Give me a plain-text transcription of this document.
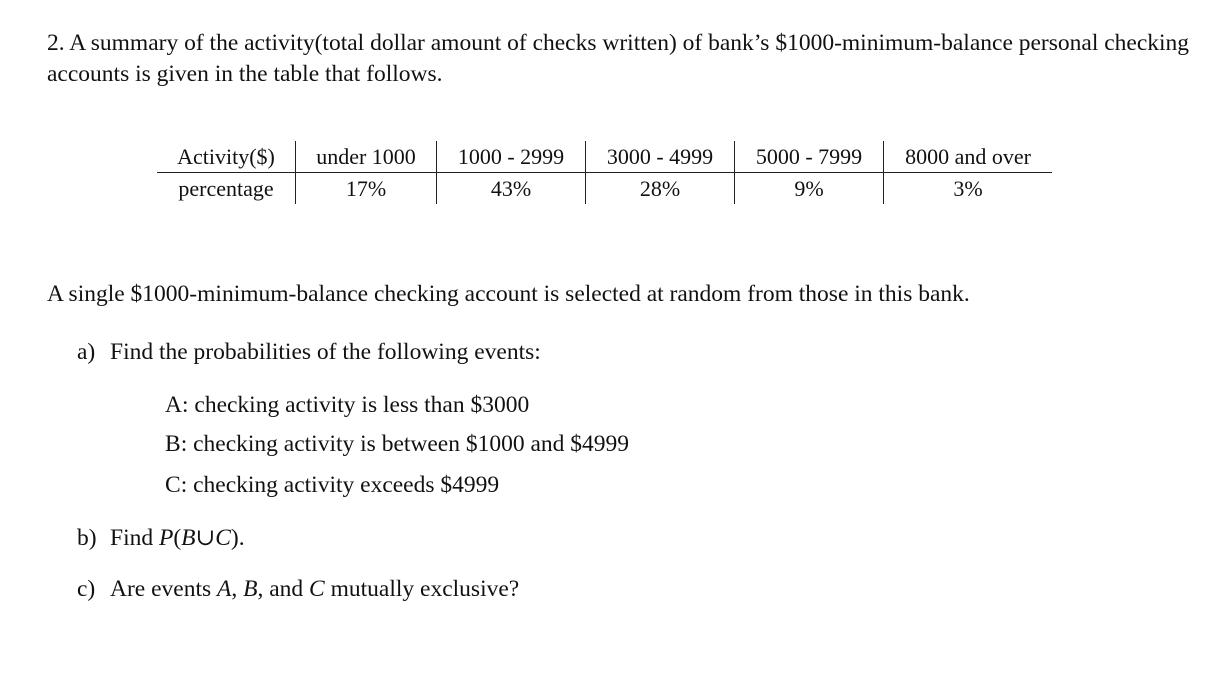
2. A summary of the activity(total dollar amount of checks written) of bank’s $1000-minimum-balance personal checking accounts is given in the table that follows.

Activity($)	under 1000	1000 - 2999	3000 - 4999	5000 - 7999	8000 and over
percentage	17%	43%	28%	9%	3%

A single $1000-minimum-balance checking account is selected at random from those in this bank.

a) Find the probabilities of the following events:

A: checking activity is less than $3000

B: checking activity is between $1000 and $4999

C: checking activity exceeds $4999

b) Find P(B∪C).

c) Are events A, B, and C mutually exclusive?
